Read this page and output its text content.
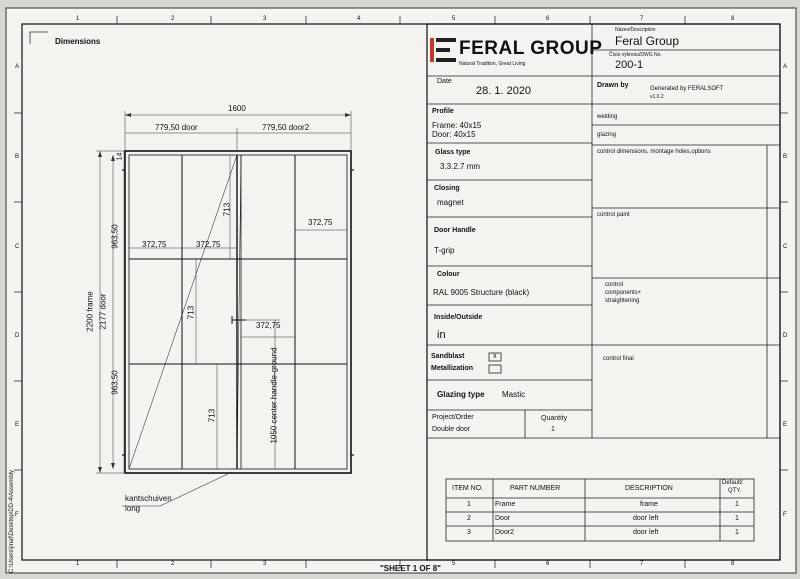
1	2	3	4	5	6	7	8
1	2	3	5	6	7	8
A
B
C
D
E
F
A
B
C
D
E
F
Dimensions
"SHEET 1 OF 8"
C:\Users\jinaf\Desktop\DD-4\Assembly
FERAL GROUP
Natural Tradition, Great Living
Název/Description
Feral Group
Číslo výkresu/DWG No.
200-1
Date
28. 1. 2020	Drawn by	Generated by FERALSOFT
v1.0.2
Profile
Frame: 40x15
Door: 40x15
Glass type
3.3.2.7 mm
Closing
magnet
Door Handle
T-grip
Colour
RAL 9005 Structure (black)
Inside/Outside
in
Sandblast	x
Metallization
Glazing type Mastic
Project/Order
Double door
Quantity
1
welding
glazing
control dimensions, montage holes,options
control paint
control
components+
straightening
control final
ITEM NO.	PART NUMBER	DESCRIPTION
Default/
QTY.
1	Frame	frame	1
2	Door	door left	1
3	Door2	door left	1
1600
779,50 door	779,50 door2
2200 frame 2177 door
14
963,50
963,50
372,75	372,75
372,75
372,75
713
713
713	1050 center handle-ground
kantschuiven
long
